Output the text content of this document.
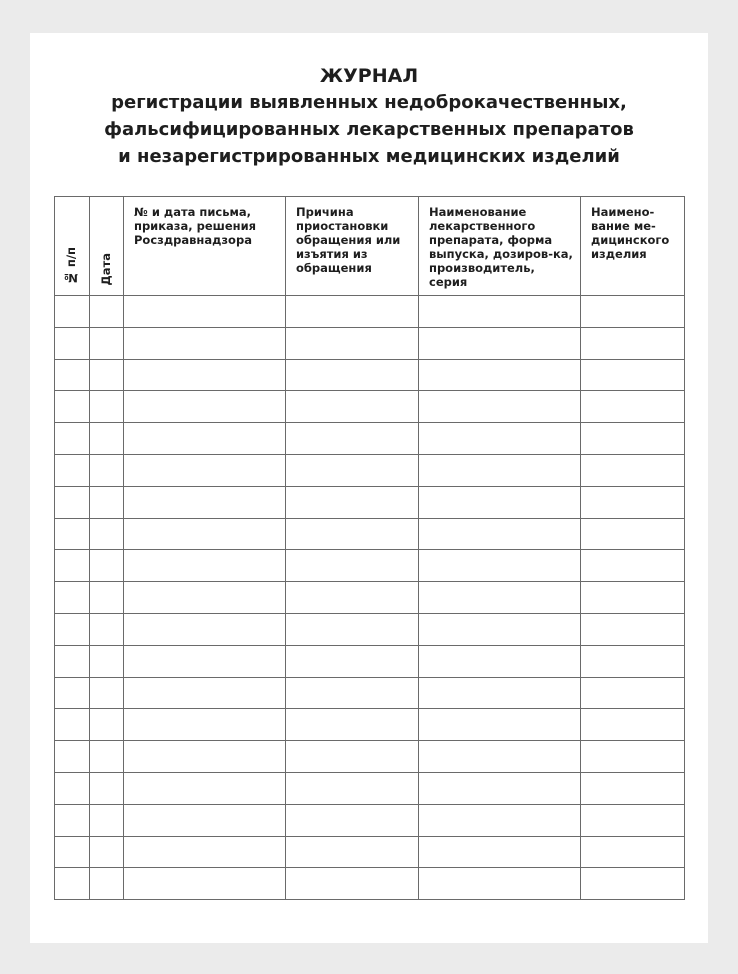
ЖУРНАЛ
регистрации выявленных недоброкачественных,
фальсифицированных лекарственных препаратов
и незарегистрированных медицинских изделий
№ п/п	Дата	№ и дата письма, приказа, решения Росздравнадзора	Причина приостановки обращения или изъятия из обращения	Наименование лекарственного препарата, форма выпуска, дозиров-ка, производитель, серия	Наимено-вание ме-дицинского изделия
